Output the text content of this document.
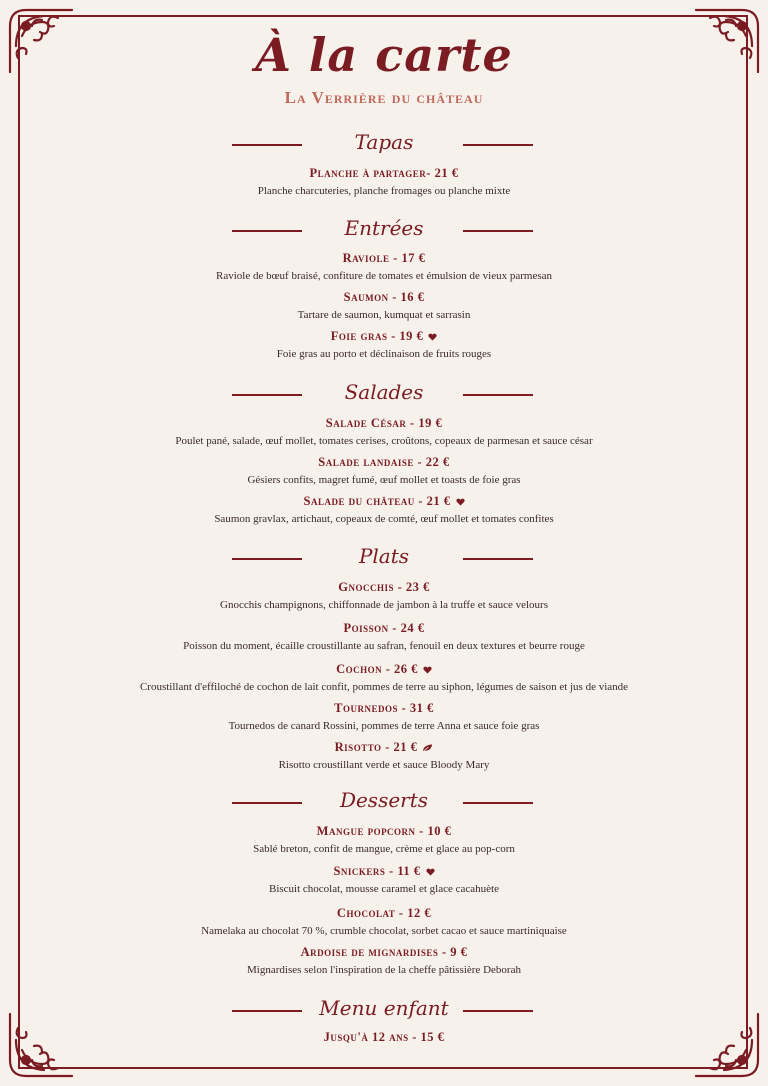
À la carte
La Verrière du château
Tapas
Planche à partager- 21 €
Planche charcuteries, planche fromages ou planche mixte
Entrées
Raviole - 17 €
Raviole de bœuf braisé, confiture de tomates et émulsion de vieux parmesan
Saumon - 16 €
Tartare de saumon, kumquat et sarrasin
Foie gras - 19 €
Foie gras au porto et déclinaison de fruits rouges
Salades
Salade César - 19 €
Poulet pané, salade, œuf mollet, tomates cerises, croûtons, copeaux de parmesan et sauce césar
Salade landaise - 22 €
Gésiers confits, magret fumé, œuf mollet et toasts de foie gras
Salade du château - 21 €
Saumon gravlax, artichaut, copeaux de comté, œuf mollet et tomates confites
Plats
Gnocchis - 23 €
Gnocchis champignons, chiffonnade de jambon à la truffe et sauce velours
Poisson - 24 €
Poisson du moment, écaille croustillante au safran, fenouil en deux textures et beurre rouge
Cochon - 26 €
Croustillant d'effiloché de cochon de lait confit, pommes de terre au siphon, légumes de saison et jus de viande
Tournedos - 31 €
Tournedos de canard Rossini, pommes de terre Anna et sauce foie gras
Risotto - 21 €
Risotto croustillant verde et sauce Bloody Mary
Desserts
Mangue popcorn - 10 €
Sablé breton, confit de mangue, crème et glace au pop-corn
Snickers - 11 €
Biscuit chocolat, mousse caramel et glace cacahuète
Chocolat - 12 €
Namelaka au chocolat 70 %, crumble chocolat, sorbet cacao et sauce martiniquaise
Ardoise de mignardises - 9 €
Mignardises selon l'inspiration de la cheffe pâtissière Deborah
Menu enfant
Jusqu'à 12 ans - 15 €
